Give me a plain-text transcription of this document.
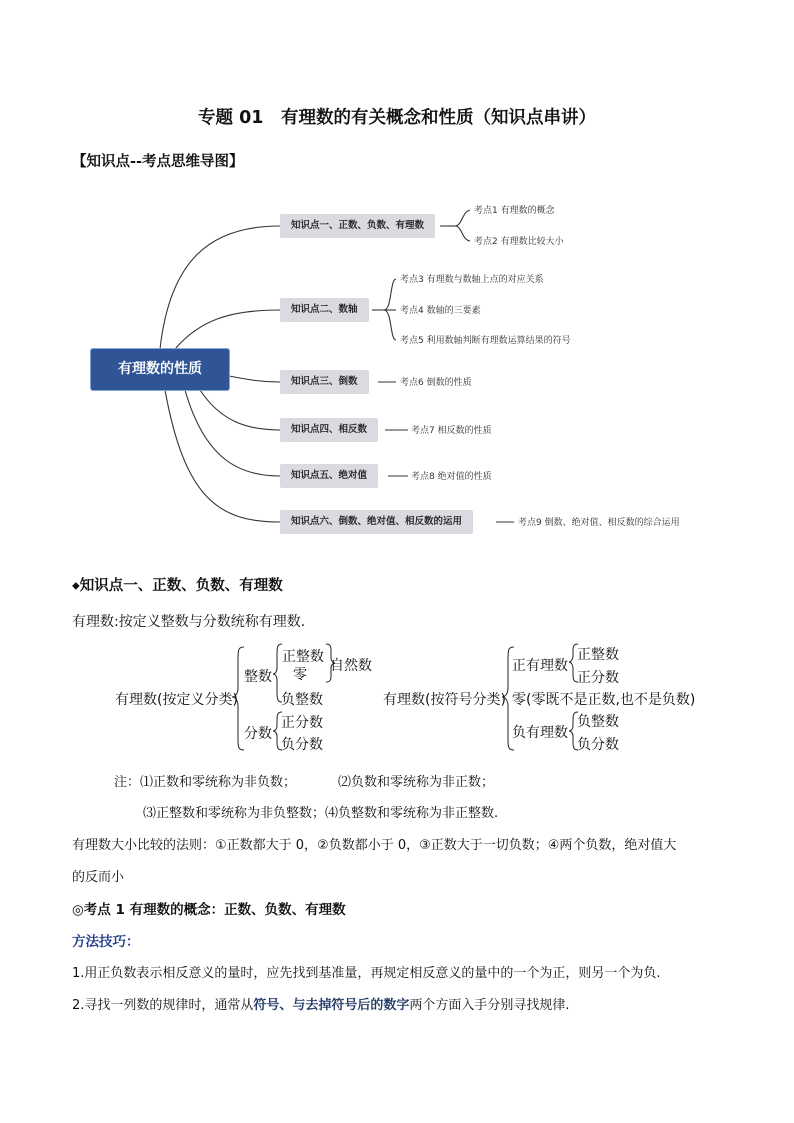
专题 01　有理数的有关概念和性质（知识点串讲）
【知识点--考点思维导图】
有理数的性质
知识点一、正数、负数、有理数
知识点二、数轴
知识点三、倒数
知识点四、相反数
知识点五、绝对值
知识点六、倒数、绝对值、相反数的运用
考点1 有理数的概念
考点2 有理数比较大小
考点3 有理数与数轴上点的对应关系
考点4 数轴的三要素
考点5 利用数轴判断有理数运算结果的符号
考点6 倒数的性质
考点7 相反数的性质
考点8 绝对值的性质
考点9 倒数、绝对值、相反数的综合运用
◆知识点一、正数、负数、有理数
有理数:按定义整数与分数统称有理数.
有理数(按定义分类)
整数
正整数
零
自然数
负整数
分数
正分数
负分数
有理数(按符号分类)
正有理数
正整数
正分数
零(零既不是正数,也不是负数)
负有理数
负整数
负分数
注：⑴正数和零统称为非负数；	⑵负数和零统称为非正数；
⑶正整数和零统称为非负整数；⑷负整数和零统称为非正整数.
有理数大小比较的法则：①正数都大于 0，②负数都小于 0，③正数大于一切负数；④两个负数，绝对值大
的反而小
◎考点 1 有理数的概念：正数、负数、有理数
方法技巧：
1.用正负数表示相反意义的量时，应先找到基准量，再规定相反意义的量中的一个为正，则另一个为负.
2.寻找一列数的规律时，通常从符号、与去掉符号后的数字两个方面入手分别寻找规律.
